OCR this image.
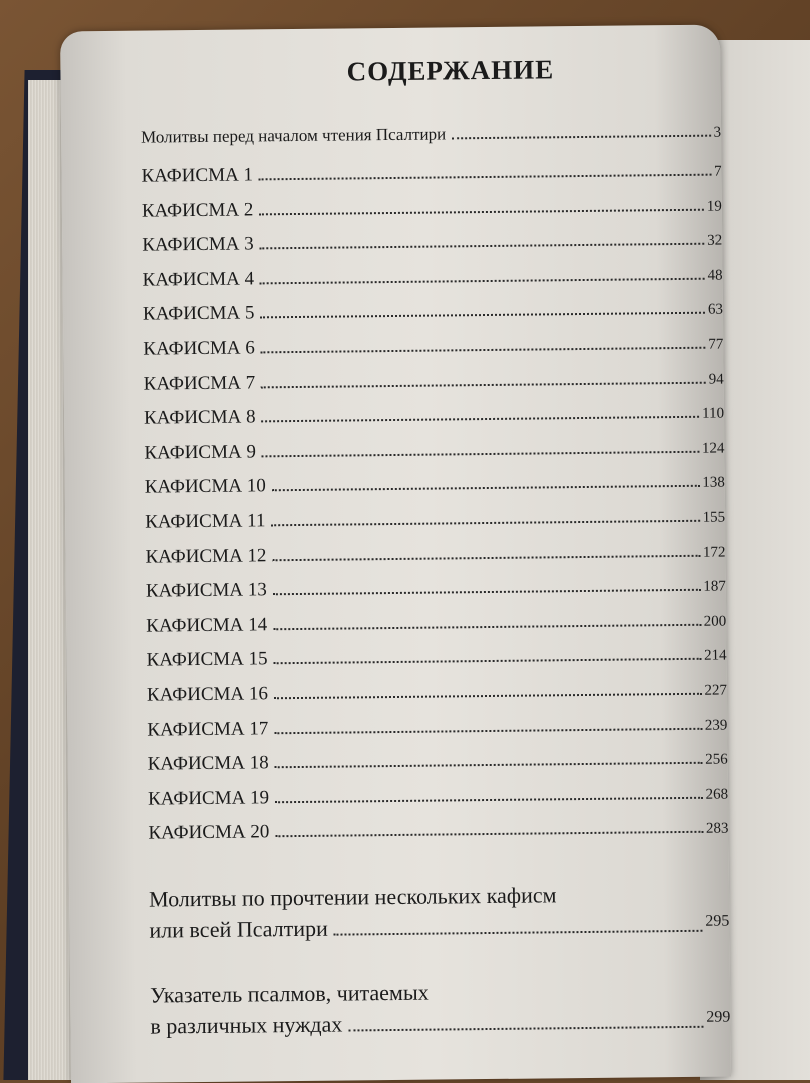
СОДЕРЖАНИЕ
Молитвы перед началом чтения Псалтири	3
КАФИСМА 1	7
КАФИСМА 2	19
КАФИСМА 3	32
КАФИСМА 4	48
КАФИСМА 5	63
КАФИСМА 6	77
КАФИСМА 7	94
КАФИСМА 8	110
КАФИСМА 9	124
КАФИСМА 10	138
КАФИСМА 11	155
КАФИСМА 12	172
КАФИСМА 13	187
КАФИСМА 14	200
КАФИСМА 15	214
КАФИСМА 16	227
КАФИСМА 17	239
КАФИСМА 18	256
КАФИСМА 19	268
КАФИСМА 20	283
Молитвы по прочтении нескольких кафисм
или всей Псалтири	295
Указатель псалмов, читаемых
в различных нуждах	299
